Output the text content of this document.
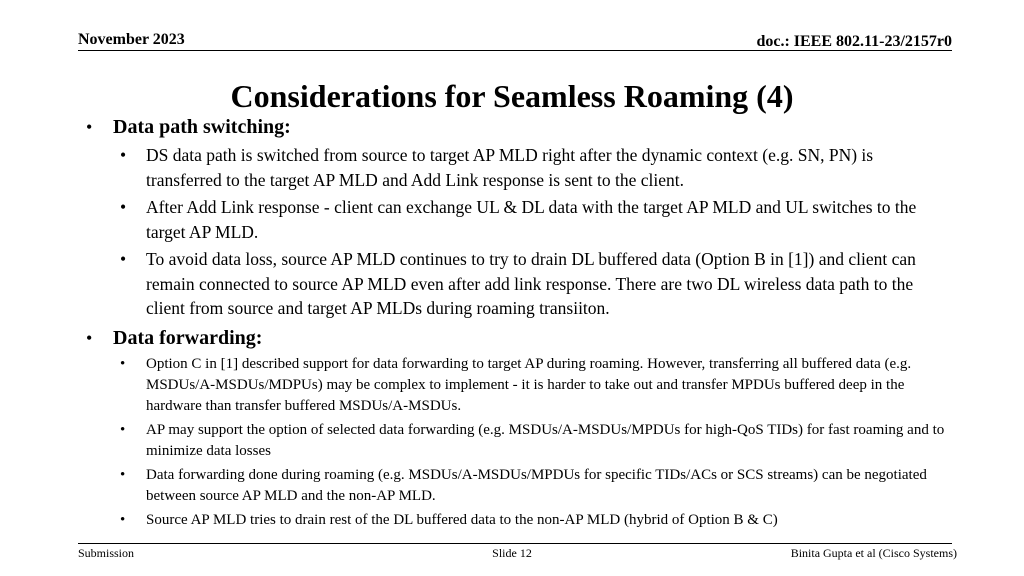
November 2023	doc.: IEEE 802.11-23/2157r0
Considerations for Seamless Roaming (4)
• Data path switching:
• DS data path is switched from source to target AP MLD right after the dynamic context (e.g. SN, PN) is transferred to the target AP MLD and Add Link response is sent to the client.
• After Add Link response - client can exchange UL & DL data with the target AP MLD and UL switches to the target AP MLD.
• To avoid data loss, source AP MLD continues to try to drain DL buffered data (Option B in [1]) and client can remain connected to source AP MLD even after add link response. There are two DL wireless data path to the client from source and target AP MLDs during roaming transiiton.
• Data forwarding:
• Option C in [1] described support for data forwarding to target AP during roaming. However, transferring all buffered data (e.g. MSDUs/A-MSDUs/MDPUs) may be complex to implement - it is harder to take out and transfer MPDUs buffered deep in the hardware than transfer buffered MSDUs/A-MSDUs.
• AP may support the option of selected data forwarding (e.g. MSDUs/A-MSDUs/MPDUs for high-QoS TIDs) for fast roaming and to minimize data losses
• Data forwarding done during roaming (e.g. MSDUs/A-MSDUs/MPDUs for specific TIDs/ACs or SCS streams) can be negotiated between source AP MLD and the non-AP MLD.
• Source AP MLD tries to drain rest of the DL buffered data to the non-AP MLD (hybrid of Option B & C)
Submission	Slide 12	Binita Gupta et al (Cisco Systems)
